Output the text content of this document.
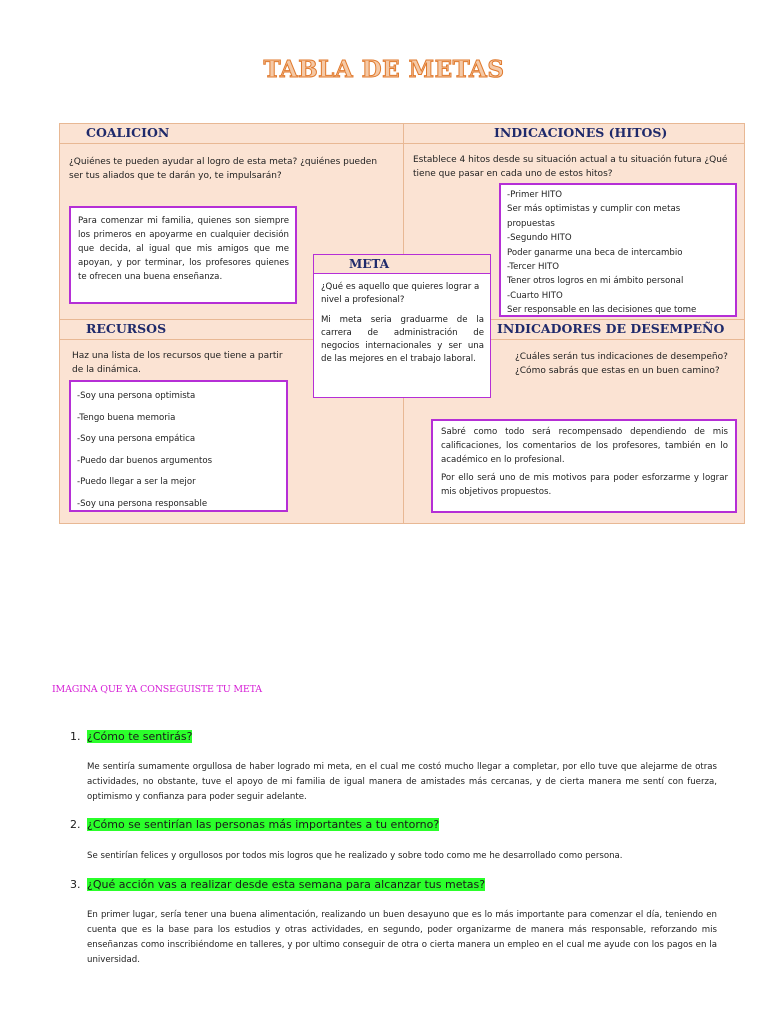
TABLA DE METAS
COALICION
¿Quiénes te pueden ayudar al logro de esta meta? ¿quiénes pueden ser tus aliados que te darán yo, te impulsarán?

Para comenzar mi familia, quienes son siempre los primeros en apoyarme en cualquier decisión que decida, al igual que mis amigos que me apoyan, y por terminar, los profesores quienes te ofrecen una buena enseñanza.

INDICACIONES (HITOS)
Establece 4 hitos desde su situación actual a tu situación futura ¿Qué tiene que pasar en cada uno de estos hitos?
-Primer HITO
Ser más optimistas y cumplir con metas propuestas
-Segundo HITO
Poder ganarme una beca de intercambio
-Tercer HITO
Tener otros logros en mi ámbito personal
-Cuarto HITO
Ser responsable en las decisiones que tome
META

¿Qué es aquello que quieres lograr a nivel a profesional?

Mi meta seria graduarme de la carrera de administración de negocios internacionales y ser una de las mejores en el trabajo laboral.

RECURSOS
Haz una lista de los recursos que tiene a partir de la dinámica.
-Soy una persona optimista
-Tengo buena memoria
-Soy una persona empática
-Puedo dar buenos argumentos
-Puedo llegar a ser la mejor
-Soy una persona responsable
INDICADORES DE DESEMPEÑO
¿Cuáles serán tus indicaciones de desempeño?
¿Cómo sabrás que estas en un buen camino?

Sabré como todo será recompensado dependiendo de mis calificaciones, los comentarios de los profesores, también en lo académico en lo profesional.

Por ello será uno de mis motivos para poder esforzarme y lograr mis objetivos propuestos.

IMAGINA QUE YA CONSEGUISTE TU META
1. ¿Cómo te sentirás?
Me sentiría sumamente orgullosa de haber logrado mi meta, en el cual me costó mucho llegar a completar, por ello tuve que alejarme de otras actividades, no obstante, tuve el apoyo de mi familia de igual manera de amistades más cercanas, y de cierta manera me sentí con fuerza, optimismo y confianza para poder seguir adelante.
2. ¿Cómo se sentirían las personas más importantes a tu entorno?
Se sentirían felices y orgullosos por todos mis logros que he realizado y sobre todo como me he desarrollado como persona.
3. ¿Qué acción vas a realizar desde esta semana para alcanzar tus metas?
En primer lugar, sería tener una buena alimentación, realizando un buen desayuno que es lo más importante para comenzar el día, teniendo en cuenta que es la base para los estudios y otras actividades, en segundo, poder organizarme de manera más responsable, reforzando mis enseñanzas como inscribiéndome en talleres, y por ultimo conseguir de otra o cierta manera un empleo en el cual me ayude con los pagos en la universidad.
